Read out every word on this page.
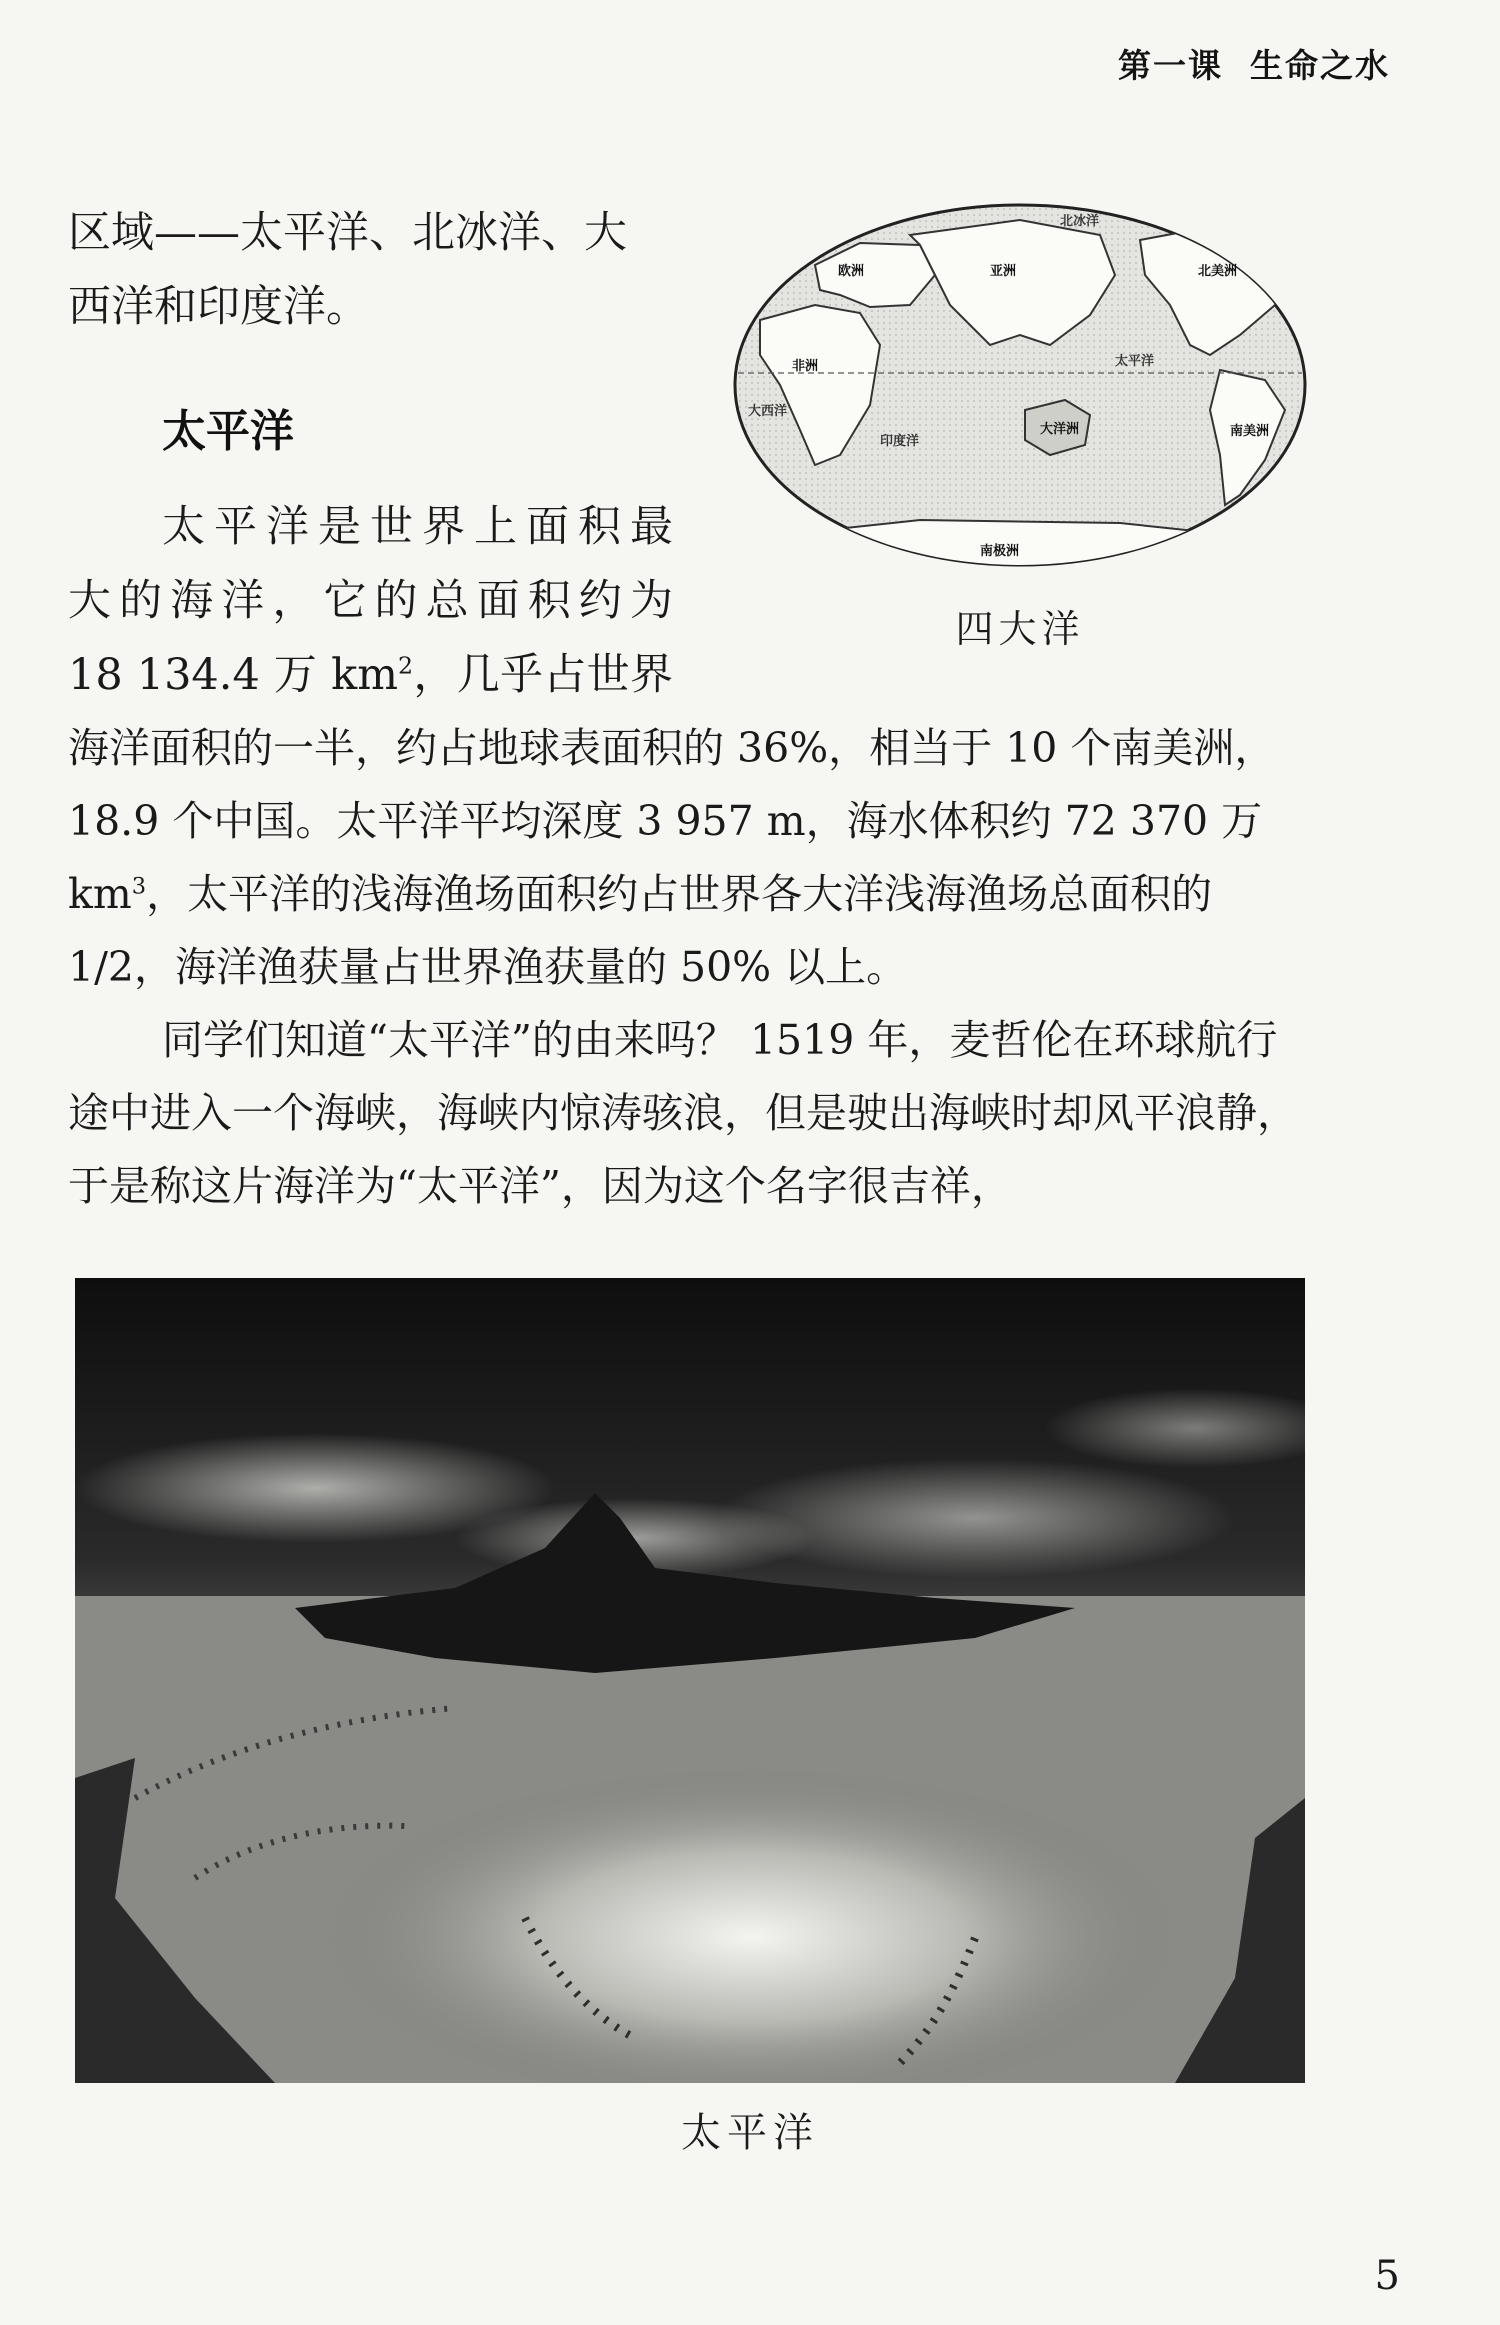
第一课  生命之水

区域——太平洋、北冰洋、大

西洋和印度洋。

太平洋
太平洋是世界上面积最
大的海洋，它的总面积约为
18 134.4 万 $km^2$，几乎占世界

海洋面积的一半，约占地球表面积的 36%，相当于 10 个南美洲，

18.9 个中国。太平洋平均深度 3 957 m，海水体积约 72 370 万

$km^3$，太平洋的浅海渔场面积约占世界各大洋浅海渔场总面积的

1/2，海洋渔获量占世界渔获量的 50% 以上。

同学们知道“太平洋”的由来吗？ 1519 年，麦哲伦在环球航行途中进入一个海峡，海峡内惊涛骇浪，但是驶出海峡时却风平浪静，于是称这片海洋为“太平洋”，因为这个名字很吉祥，

欧洲	亚洲
非洲
北美洲
南美洲
大洋洲
南极洲
太平洋
印度洋
大西洋
北冰洋
四大洋
太平洋
5
